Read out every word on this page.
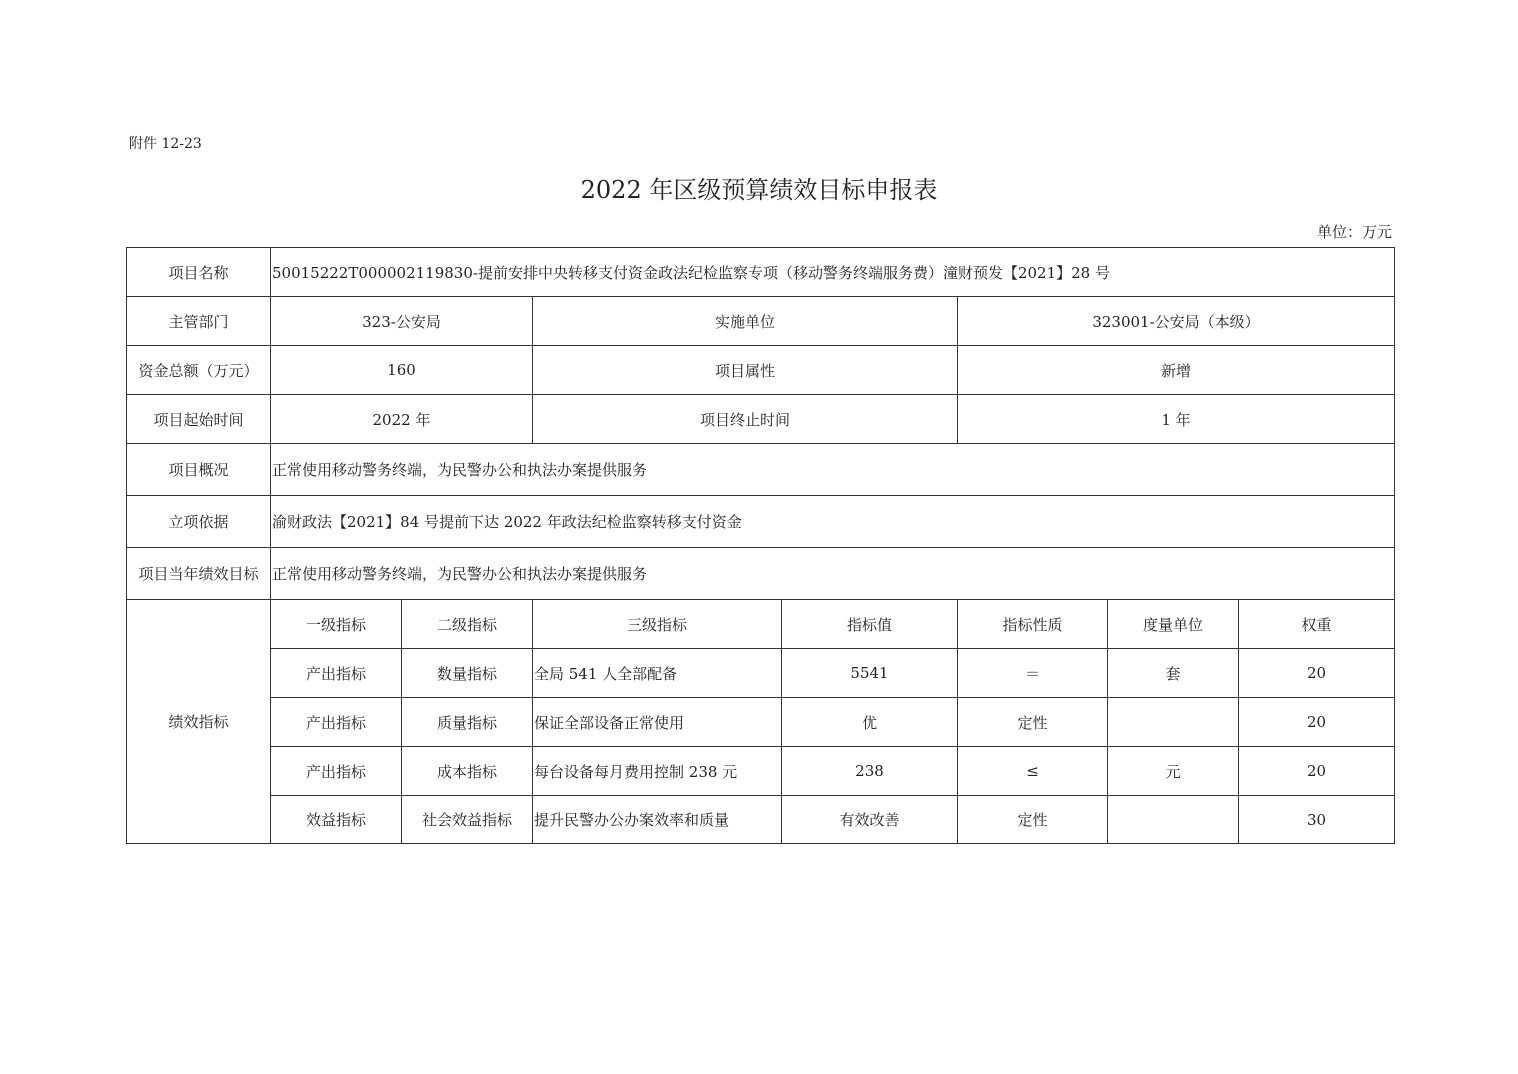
附件 12-23
2022 年区级预算绩效目标申报表
单位：万元
项目名称	50015222T000002119830-提前安排中央转移支付资金政法纪检监察专项（移动警务终端服务费）潼财预发【2021】28 号						
主管部门	323-公安局		实施单位		323001-公安局（本级）		
资金总额（万元）	160		项目属性		新增		
项目起始时间	2022 年		项目终止时间		1 年		
项目概况	正常使用移动警务终端，为民警办公和执法办案提供服务						
立项依据	渝财政法【2021】84 号提前下达 2022 年政法纪检监察转移支付资金						
项目当年绩效目标	正常使用移动警务终端，为民警办公和执法办案提供服务						
绩效指标	一级指标	二级指标	三级指标	指标值	指标性质	度量单位	权重
	产出指标	数量指标	全局 541 人全部配备	5541	＝	套	20
	产出指标	质量指标	保证全部设备正常使用	优	定性		20
	产出指标	成本指标	每台设备每月费用控制 238 元	238	≤	元	20
	效益指标	社会效益指标	提升民警办公办案效率和质量	有效改善	定性		30
